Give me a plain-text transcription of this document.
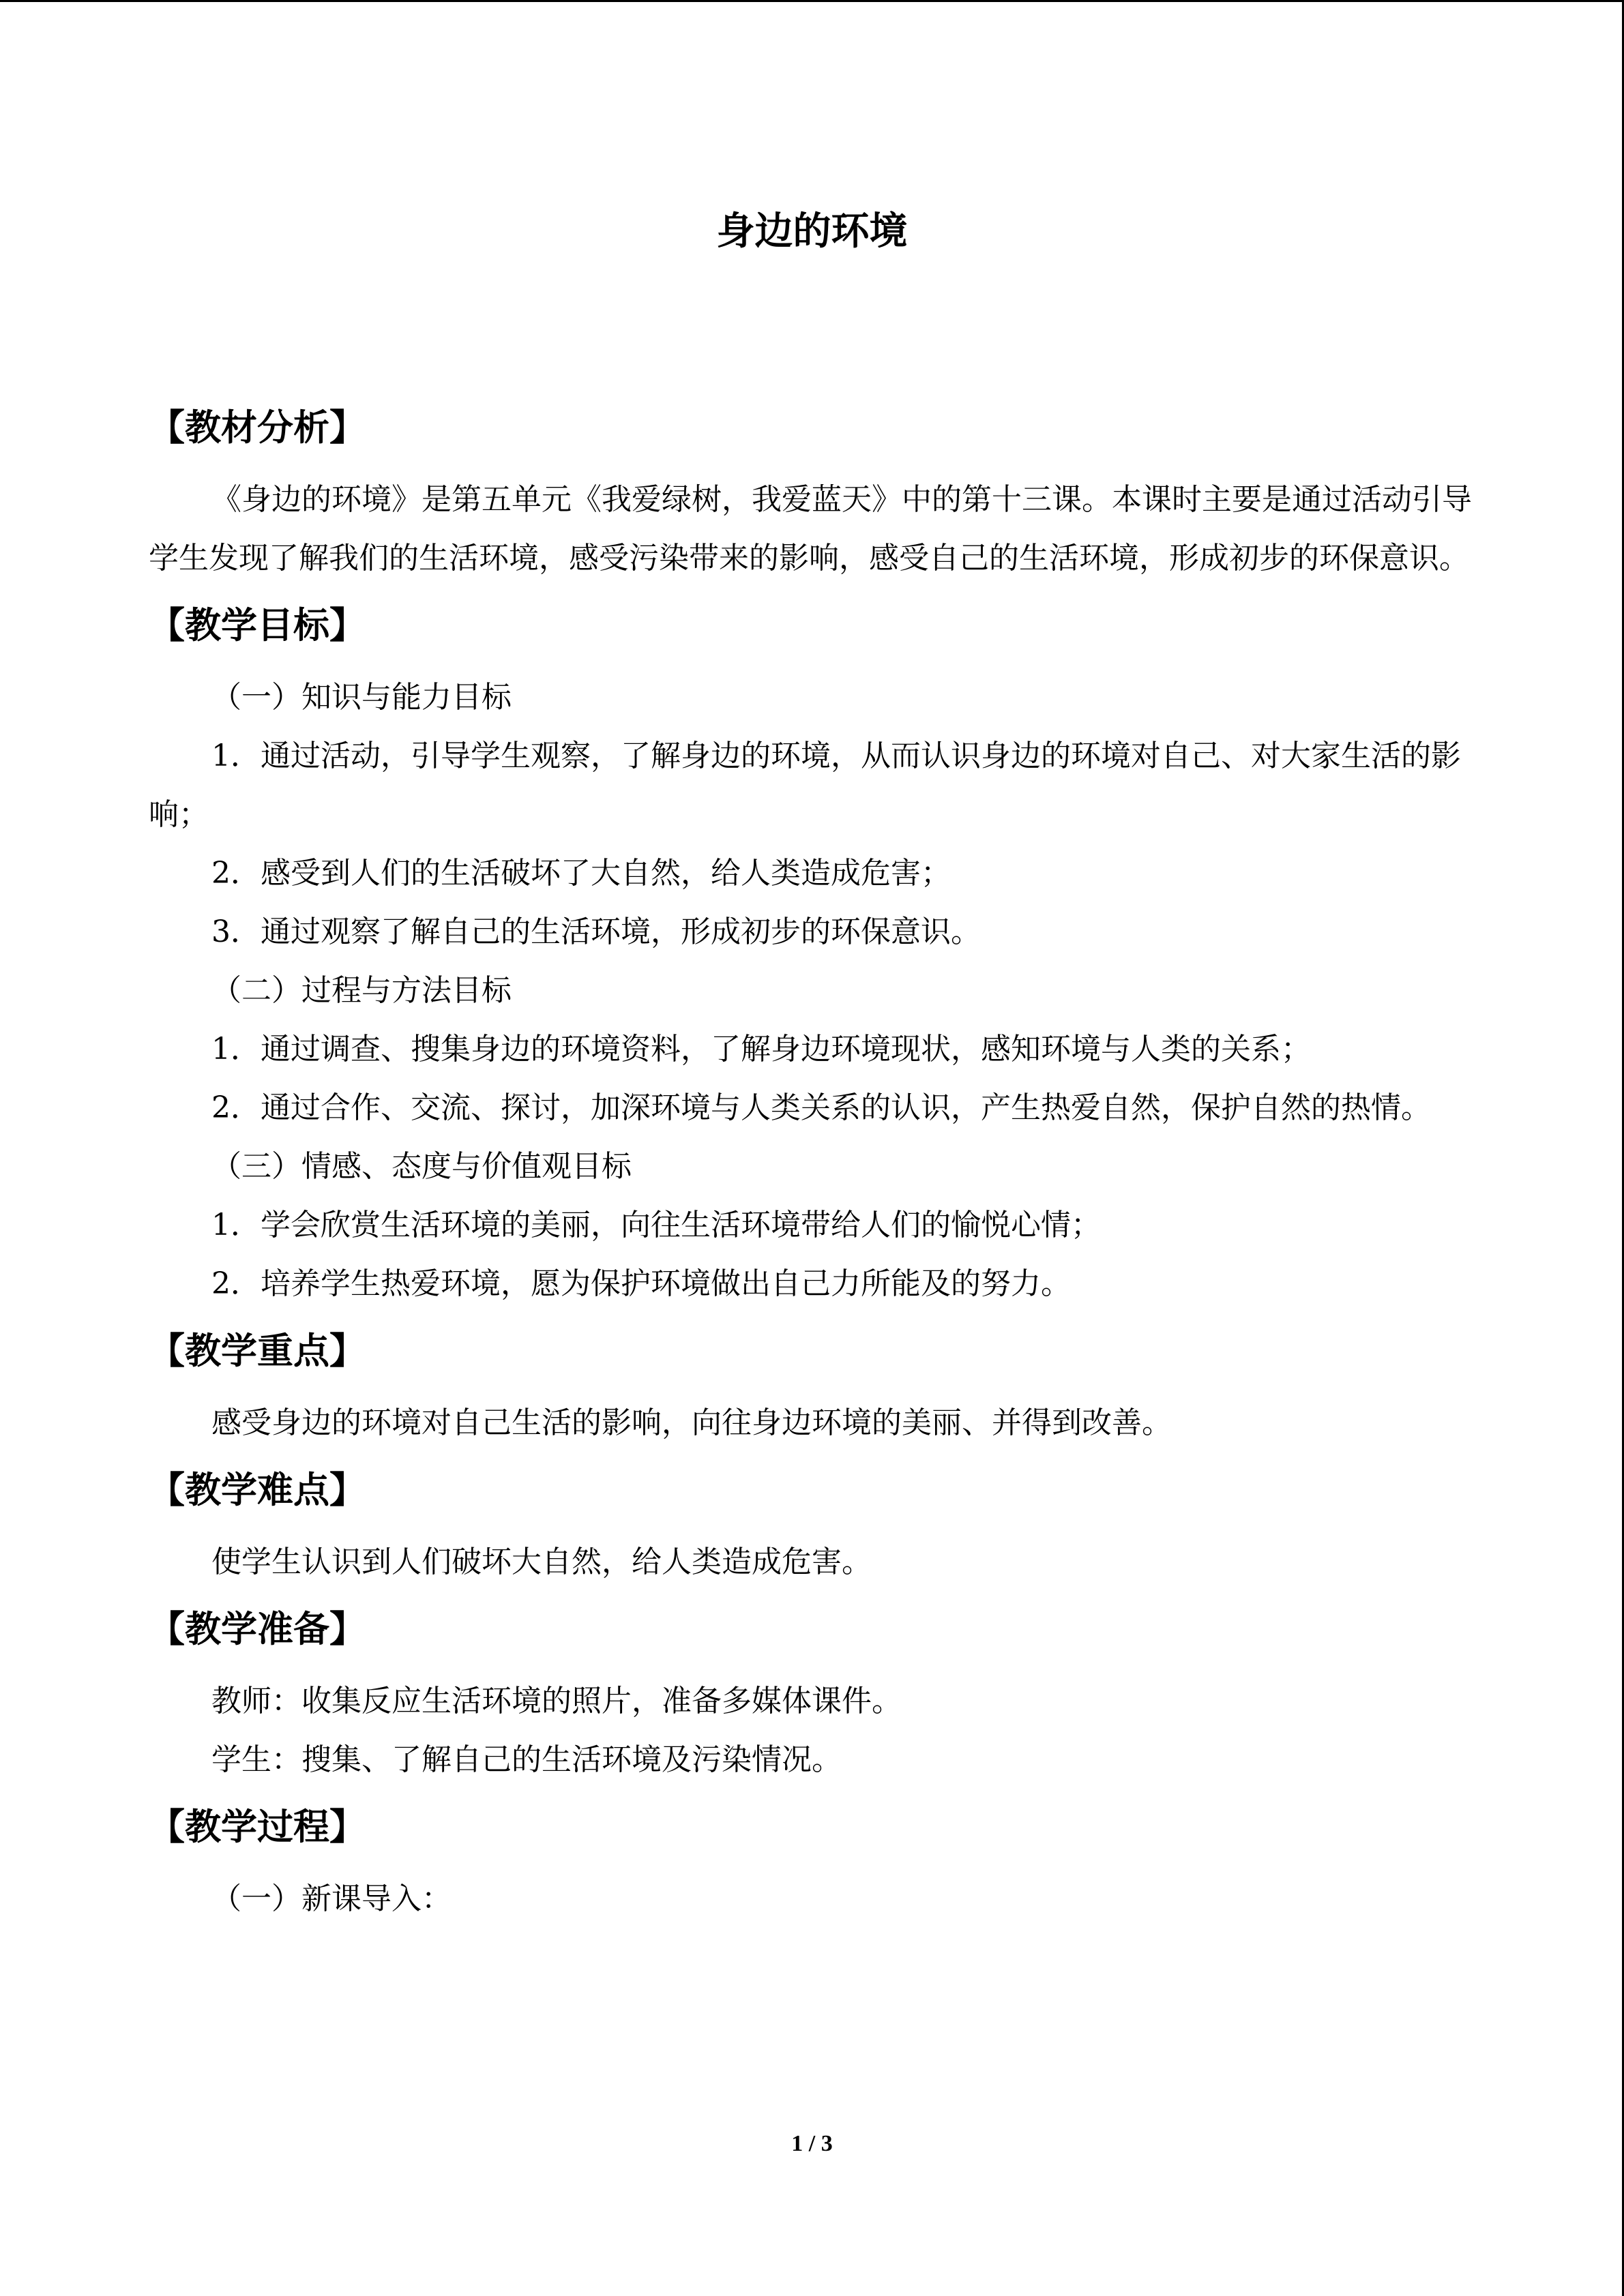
身边的环境
【教材分析】

《身边的环境》是第五单元《我爱绿树，我爱蓝天》中的第十三课。本课时主要是通过活动引导学生发现了解我们的生活环境，感受污染带来的影响，感受自己的生活环境，形成初步的环保意识。

【教学目标】

（一）知识与能力目标

1．通过活动，引导学生观察，了解身边的环境，从而认识身边的环境对自己、对大家生活的影响；

2．感受到人们的生活破坏了大自然，给人类造成危害；

3．通过观察了解自己的生活环境，形成初步的环保意识。

（二）过程与方法目标

1．通过调查、搜集身边的环境资料，了解身边环境现状，感知环境与人类的关系；

2．通过合作、交流、探讨，加深环境与人类关系的认识，产生热爱自然，保护自然的热情。

（三）情感、态度与价值观目标

1．学会欣赏生活环境的美丽，向往生活环境带给人们的愉悦心情；

2．培养学生热爱环境，愿为保护环境做出自己力所能及的努力。

【教学重点】

感受身边的环境对自己生活的影响，向往身边环境的美丽、并得到改善。

【教学难点】

使学生认识到人们破坏大自然，给人类造成危害。

【教学准备】

教师：收集反应生活环境的照片，准备多媒体课件。

学生：搜集、了解自己的生活环境及污染情况。

【教学过程】

（一）新课导入：

1 / 3
